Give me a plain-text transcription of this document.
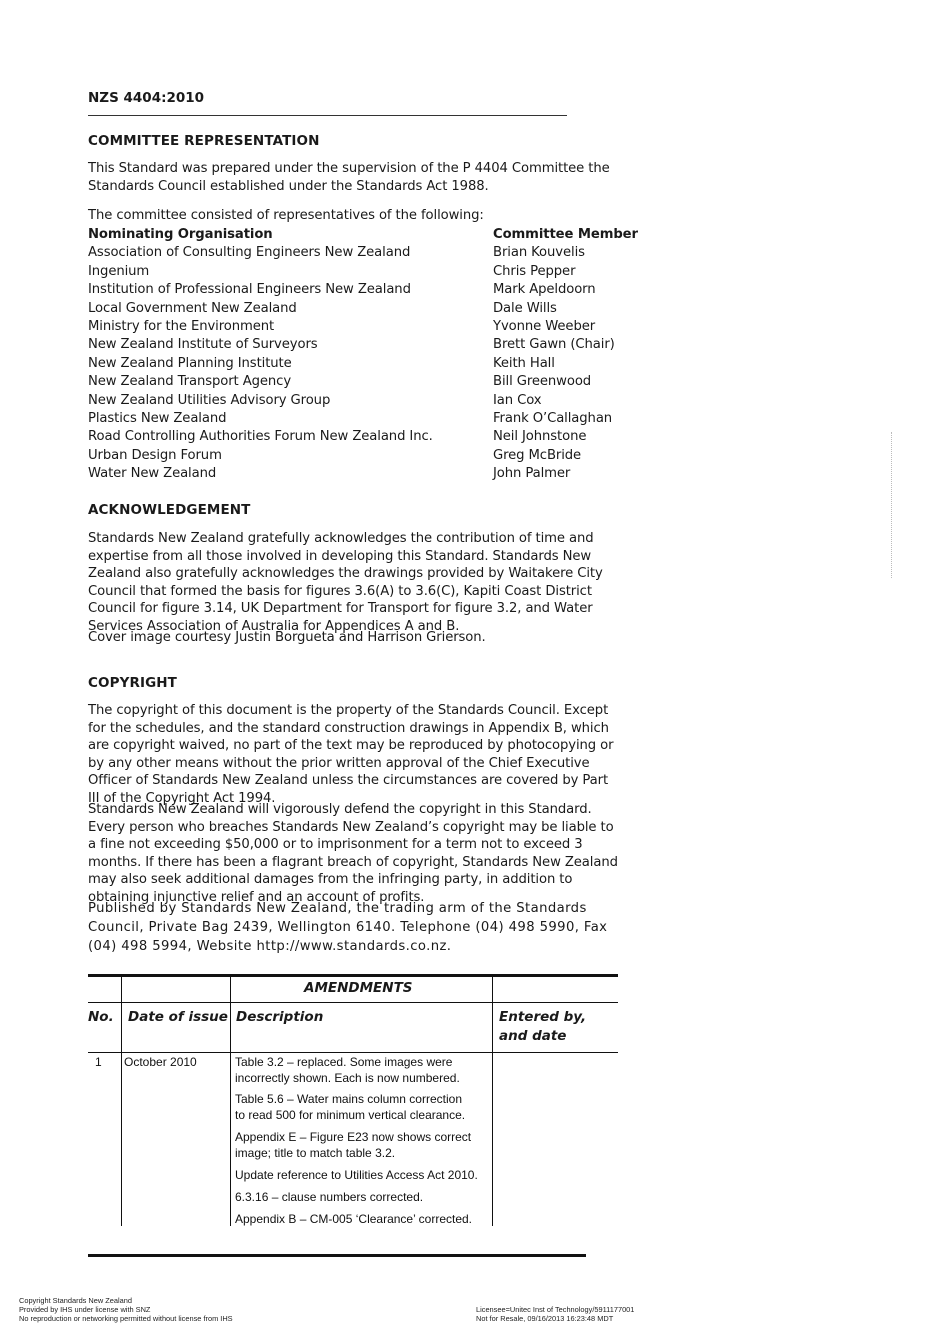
NZS 4404:2010
COMMITTEE REPRESENTATION
This Standard was prepared under the supervision of the P 4404 Committee the Standards Council established under the Standards Act 1988.
The committee consisted of representatives of the following:
Nominating Organisation
Association of Consulting Engineers New Zealand
Ingenium
Institution of Professional Engineers New Zealand
Local Government New Zealand
Ministry for the Environment
New Zealand Institute of Surveyors
New Zealand Planning Institute
New Zealand Transport Agency
New Zealand Utilities Advisory Group
Plastics New Zealand
Road Controlling Authorities Forum New Zealand Inc.
Urban Design Forum
Water New Zealand
Committee Member
Brian Kouvelis
Chris Pepper
Mark Apeldoorn
Dale Wills
Yvonne Weeber
Brett Gawn (Chair)
Keith Hall
Bill Greenwood
Ian Cox
Frank O’Callaghan
Neil Johnstone
Greg McBride
John Palmer
ACKNOWLEDGEMENT
Standards New Zealand gratefully acknowledges the contribution of time and expertise from all those involved in developing this Standard. Standards New Zealand also gratefully acknowledges the drawings provided by Waitakere City Council that formed the basis for figures 3.6(A) to 3.6(C), Kapiti Coast District Council for figure 3.14, UK Department for Transport for figure 3.2, and Water Services Association of Australia for Appendices A and B.
Cover image courtesy Justin Borgueta and Harrison Grierson.
COPYRIGHT
The copyright of this document is the property of the Standards Council. Except for the schedules, and the standard construction drawings in Appendix B, which are copyright waived, no part of the text may be reproduced by photocopying or by any other means without the prior written approval of the Chief Executive Officer of Standards New Zealand unless the circumstances are covered by Part III of the Copyright Act 1994.
Standards New Zealand will vigorously defend the copyright in this Standard. Every person who breaches Standards New Zealand’s copyright may be liable to a fine not exceeding $50,000 or to imprisonment for a term not to exceed 3 months. If there has been a flagrant breach of copyright, Standards New Zealand may also seek additional damages from the infringing party, in addition to obtaining injunctive relief and an account of profits.
Published by Standards New Zealand, the trading arm of the Standards Council, Private Bag 2439, Wellington 6140. Telephone (04) 498 5990, Fax (04) 498 5994, Website http://www.standards.co.nz.
AMENDMENTS
No. Date of issue Description	Entered by,
and date
1 October 2010	Table 3.2 – replaced. Some images were
incorrectly shown. Each is now numbered.
Table 5.6 – Water mains column correction
to read 500 for minimum vertical clearance.
Appendix E – Figure E23 now shows correct
image; title to match table 3.2.
Update reference to Utilities Access Act 2010.
6.3.16 – clause numbers corrected.
Appendix B – CM-005 ‘Clearance’ corrected.
Copyright Standards New Zealand
Provided by IHS under license with SNZ
No reproduction or networking permitted without license from IHS
Licensee=Unitec Inst of Technology/5911177001
Not for Resale, 09/16/2013 16:23:48 MDT
